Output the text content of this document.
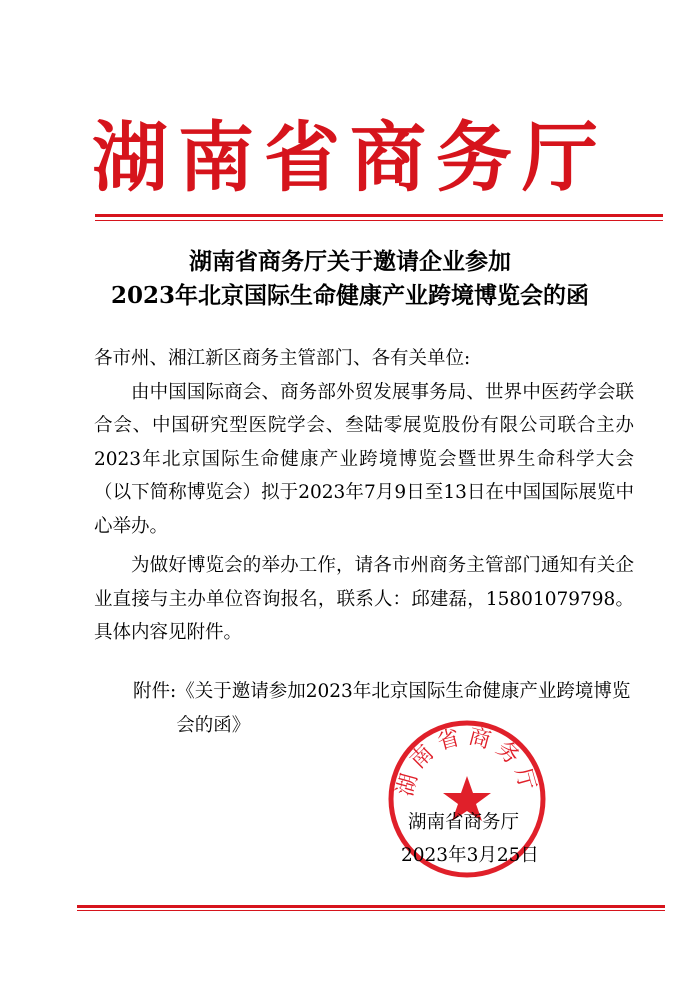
湖南省商务厅
湖南省商务厅关于邀请企业参加
2023年北京国际生命健康产业跨境博览会的函

各市州、湘江新区商务主管部门、各有关单位:

由中国国际商会、商务部外贸发展事务局、世界中医药学会联合会、中国研究型医院学会、叁陆零展览股份有限公司联合主办2023年北京国际生命健康产业跨境博览会暨世界生命科学大会（以下简称博览会）拟于2023年7月9日至13日在中国国际展览中心举办。

为做好博览会的举办工作，请各市州商务主管部门通知有关企业直接与主办单位咨询报名，联系人：邱建磊，15801079798。具体内容见附件。

附件: 《关于邀请参加2023年北京国际生命健康产业跨境博览会的函》
湖南省商务厅
湖南省商务厅
2023年3月25日
